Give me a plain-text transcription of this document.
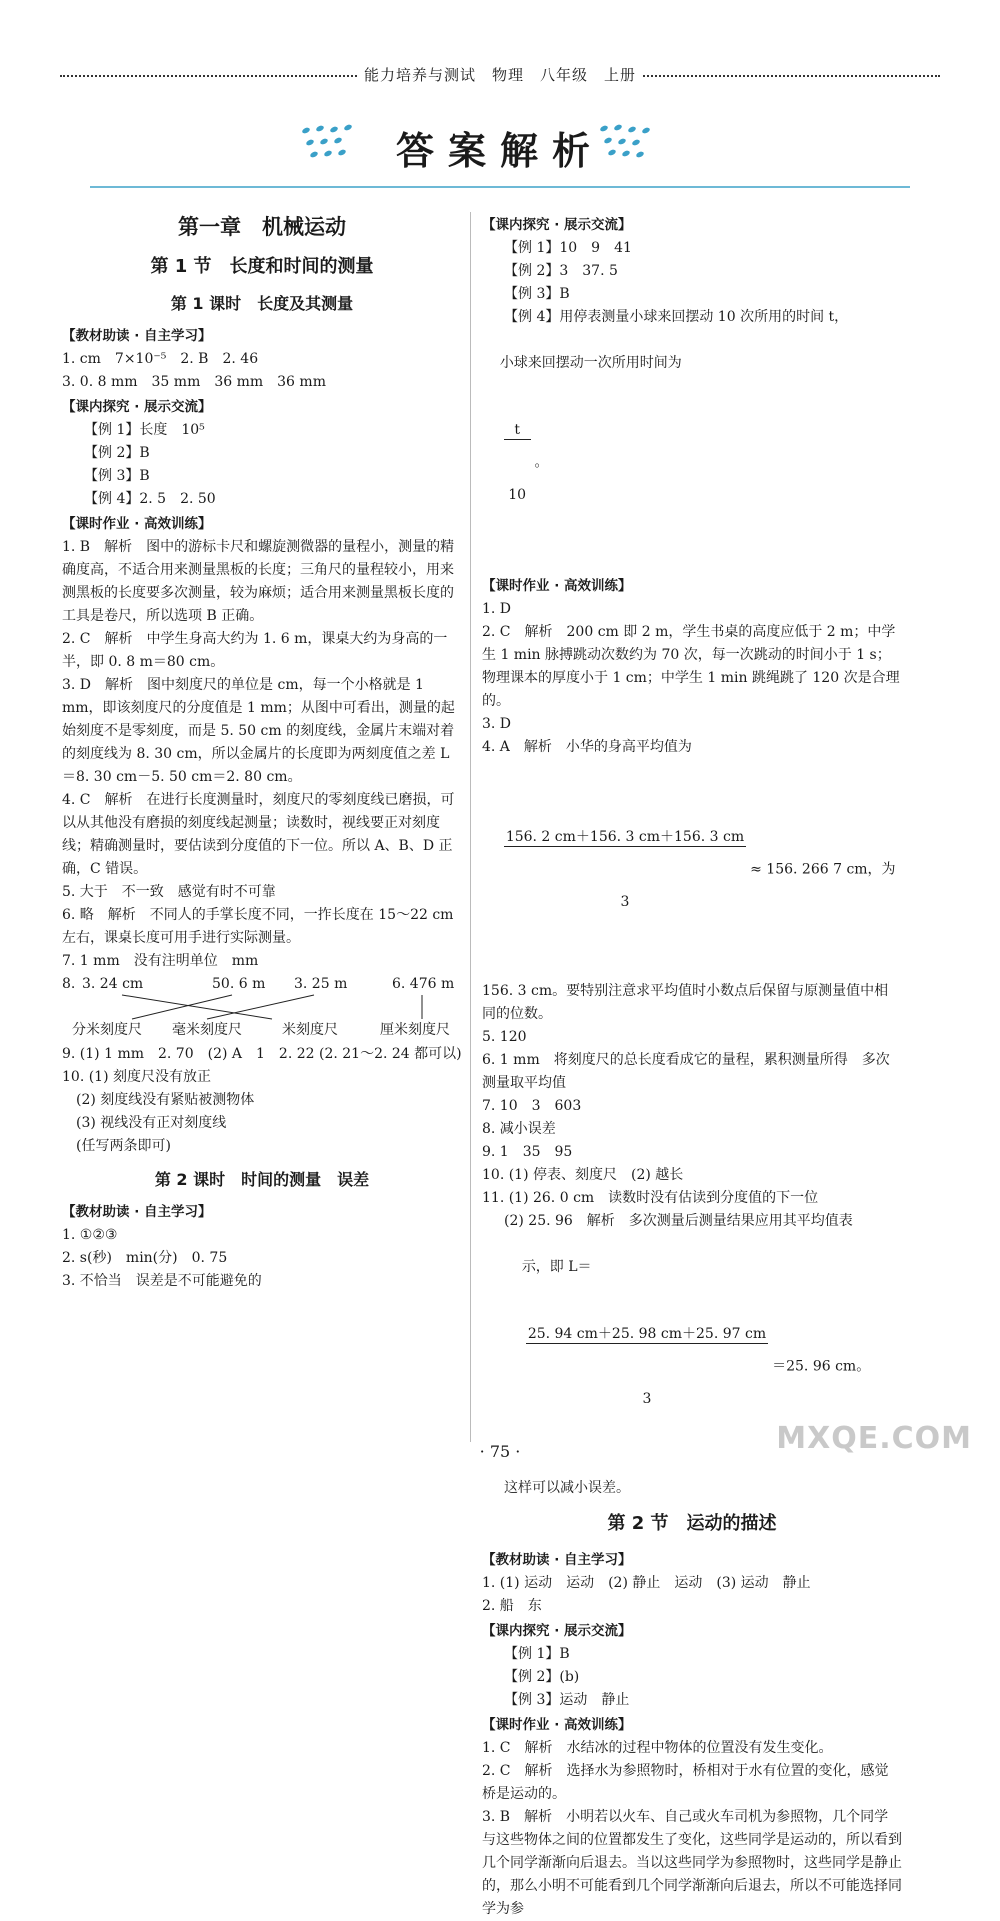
能力培养与测试　物理　八年级　上册
答案解析
第一章　机械运动
第 1 节　长度和时间的测量
第 1 课时　长度及其测量
【教材助读 · 自主学习】
1. cm　7×10⁻⁵　2. B　2. 46
3. 0. 8 mm　35 mm　36 mm　36 mm
【课内探究 · 展示交流】
【例 1】长度　10⁵
【例 2】B
【例 3】B
【例 4】2. 5　2. 50
【课时作业 · 高效训练】
1. B　解析　图中的游标卡尺和螺旋测微器的量程小，测量的精确度高，不适合用来测量黑板的长度；三角尺的量程较小，用来测黑板的长度要多次测量，较为麻烦；适合用来测量黑板长度的工具是卷尺，所以选项 B 正确。
2. C　解析　中学生身高大约为 1. 6 m，课桌大约为身高的一半，即 0. 8 m＝80 cm。
3. D　解析　图中刻度尺的单位是 cm，每一个小格就是 1 mm，即该刻度尺的分度值是 1 mm；从图中可看出，测量的起始刻度不是零刻度，而是 5. 50 cm 的刻度线，金属片末端对着的刻度线为 8. 30 cm，所以金属片的长度即为两刻度值之差 L＝8. 30 cm－5. 50 cm＝2. 80 cm。
4. C　解析　在进行长度测量时，刻度尺的零刻度线已磨损，可以从其他没有磨损的刻度线起测量；读数时，视线要正对刻度线；精确测量时，要估读到分度值的下一位。所以 A、B、D 正确，C 错误。
5. 大于　不一致　感觉有时不可靠
6. 略　解析　不同人的手掌长度不同，一拃长度在 15～22 cm 左右，课桌长度可用手进行实际测量。
7. 1 mm　没有注明单位　mm
8. 3. 24 cm	50. 6 m 3. 25 m	6. 476 m
分米刻度尺 毫米刻度尺	米刻度尺	厘米刻度尺
9. (1) 1 mm　2. 70　(2) A　1　2. 22 (2. 21～2. 24 都可以)
10. (1) 刻度尺没有放正
(2) 刻度线没有紧贴被测物体
(3) 视线没有正对刻度线
(任写两条即可)
第 2 课时　时间的测量　误差
【教材助读 · 自主学习】
1. ①②③
2. s(秒)　min(分)　0. 75
3. 不恰当　误差是不可能避免的
【课内探究 · 展示交流】
【例 1】10　9　41
【例 2】3　37. 5
【例 3】B
【例 4】用停表测量小球来回摆动 10 次所用的时间 t，

小球来回摆动一次所用时间为

$\frac{t}{10}$ 。

【课时作业 · 高效训练】
1. D
2. C　解析　200 cm 即 2 m，学生书桌的高度应低于 2 m；中学生 1 min 脉搏跳动次数约为 70 次，每一次跳动的时间小于 1 s；物理课本的厚度小于 1 cm；中学生 1 min 跳绳跳了 120 次是合理的。
3. D
4. A　解析　小华的身高平均值为

$\frac{156. 2 cm+156. 3 cm+156. 3 cm}{3} \approx 156$. 266 7 cm，为

156. 3 cm。要特别注意求平均值时小数点后保留与原测量值中相同的位数。
5. 120
6. 1 mm　将刻度尺的总长度看成它的量程，累积测量所得　多次测量取平均值
7. 10　3　603
8. 减小误差
9. 1　35　95
10. (1) 停表、刻度尺　(2) 越长
11. (1) 26. 0 cm　读数时没有估读到分度值的下一位
(2) 25. 96　解析　多次测量后测量结果应用其平均值表

示，即 L＝

$\frac{25. 94 cm+25. 98 cm+25. 97 cm}{3} =25$. 96 cm。

这样可以减小误差。
第 2 节　运动的描述
【教材助读 · 自主学习】
1. (1) 运动　运动　(2) 静止　运动　(3) 运动　静止
2. 船　东
【课内探究 · 展示交流】
【例 1】B
【例 2】(b)
【例 3】运动　静止
【课时作业 · 高效训练】
1. C　解析　水结冰的过程中物体的位置没有发生变化。
2. C　解析　选择水为参照物时，桥相对于水有位置的变化，感觉桥是运动的。
3. B　解析　小明若以火车、自己或火车司机为参照物，几个同学与这些物体之间的位置都发生了变化，这些同学是运动的，所以看到几个同学渐渐向后退去。当以这些同学为参照物时，这些同学是静止的，那么小明不可能看到几个同学渐渐向后退去，所以不可能选择同学为参
· 75 ·	MXQE.COM
